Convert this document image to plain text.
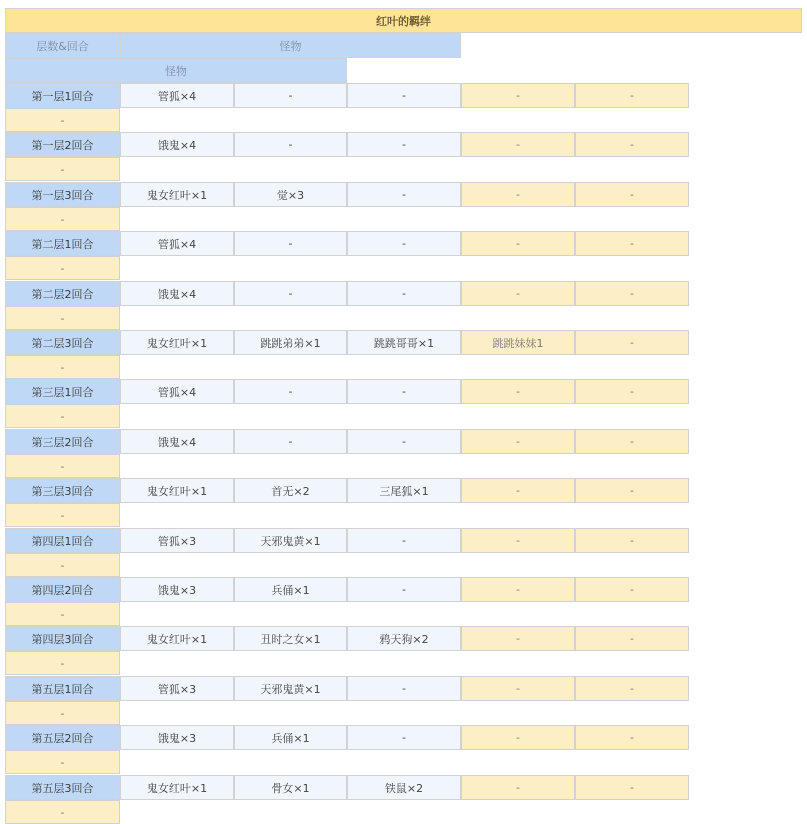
红叶的羁绊
层数&回合	怪物
怪物
第一层1回合	管狐×4	-	-	-	-
-
第一层2回合	饿鬼×4	-	-	-	-
-
第一层3回合	鬼女红叶×1	觉×3	-	-	-
-
第二层1回合	管狐×4	-	-	-	-
-
第二层2回合	饿鬼×4	-	-	-	-
-
第二层3回合	鬼女红叶×1	跳跳弟弟×1	跳跳哥哥×1	跳跳妹妹1	-
-
第三层1回合	管狐×4	-	-	-	-
-
第三层2回合	饿鬼×4	-	-	-	-
-
第三层3回合	鬼女红叶×1	首无×2	三尾狐×1	-	-
-
第四层1回合	管狐×3	天邪鬼黄×1	-	-	-
-
第四层2回合	饿鬼×3	兵俑×1	-	-	-
-
第四层3回合	鬼女红叶×1	丑时之女×1	鸦天狗×2	-	-
-
第五层1回合	管狐×3	天邪鬼黄×1	-	-	-
-
第五层2回合	饿鬼×3	兵俑×1	-	-	-
-
第五层3回合	鬼女红叶×1	骨女×1	铁鼠×2	-	-
-
